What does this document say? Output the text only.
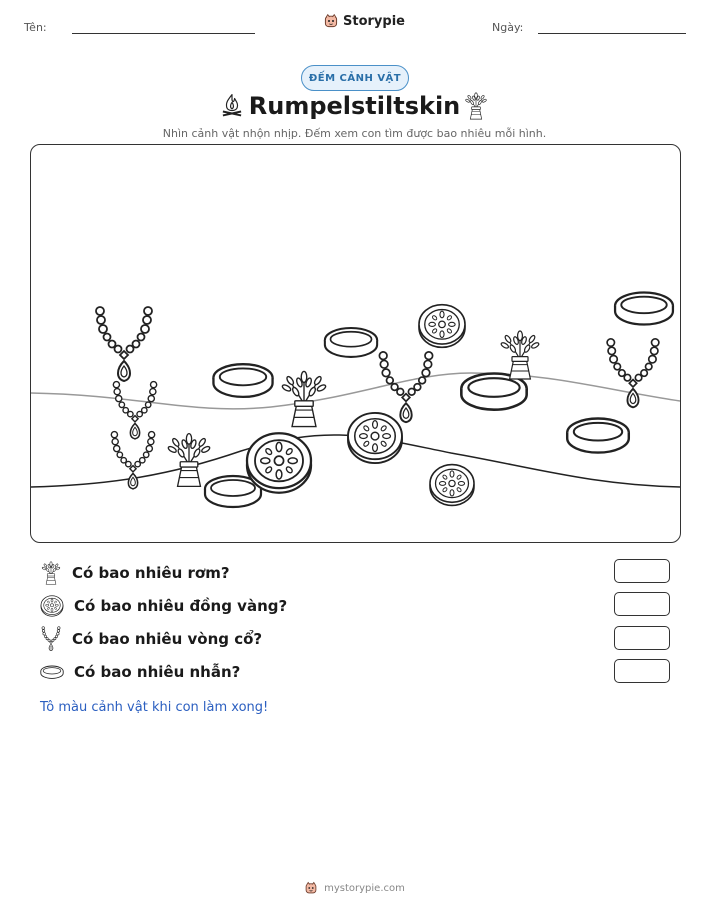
Tên:	Storypie	Ngày:
ĐẾM CẢNH VẬT
Rumpelstiltskin
Nhìn cảnh vật nhộn nhịp. Đếm xem con tìm được bao nhiêu mỗi hình.
Có bao nhiêu rơm?
Có bao nhiêu đồng vàng?
Có bao nhiêu vòng cổ?
Có bao nhiêu nhẫn?
Tô màu cảnh vật khi con làm xong!
mystorypie.com
